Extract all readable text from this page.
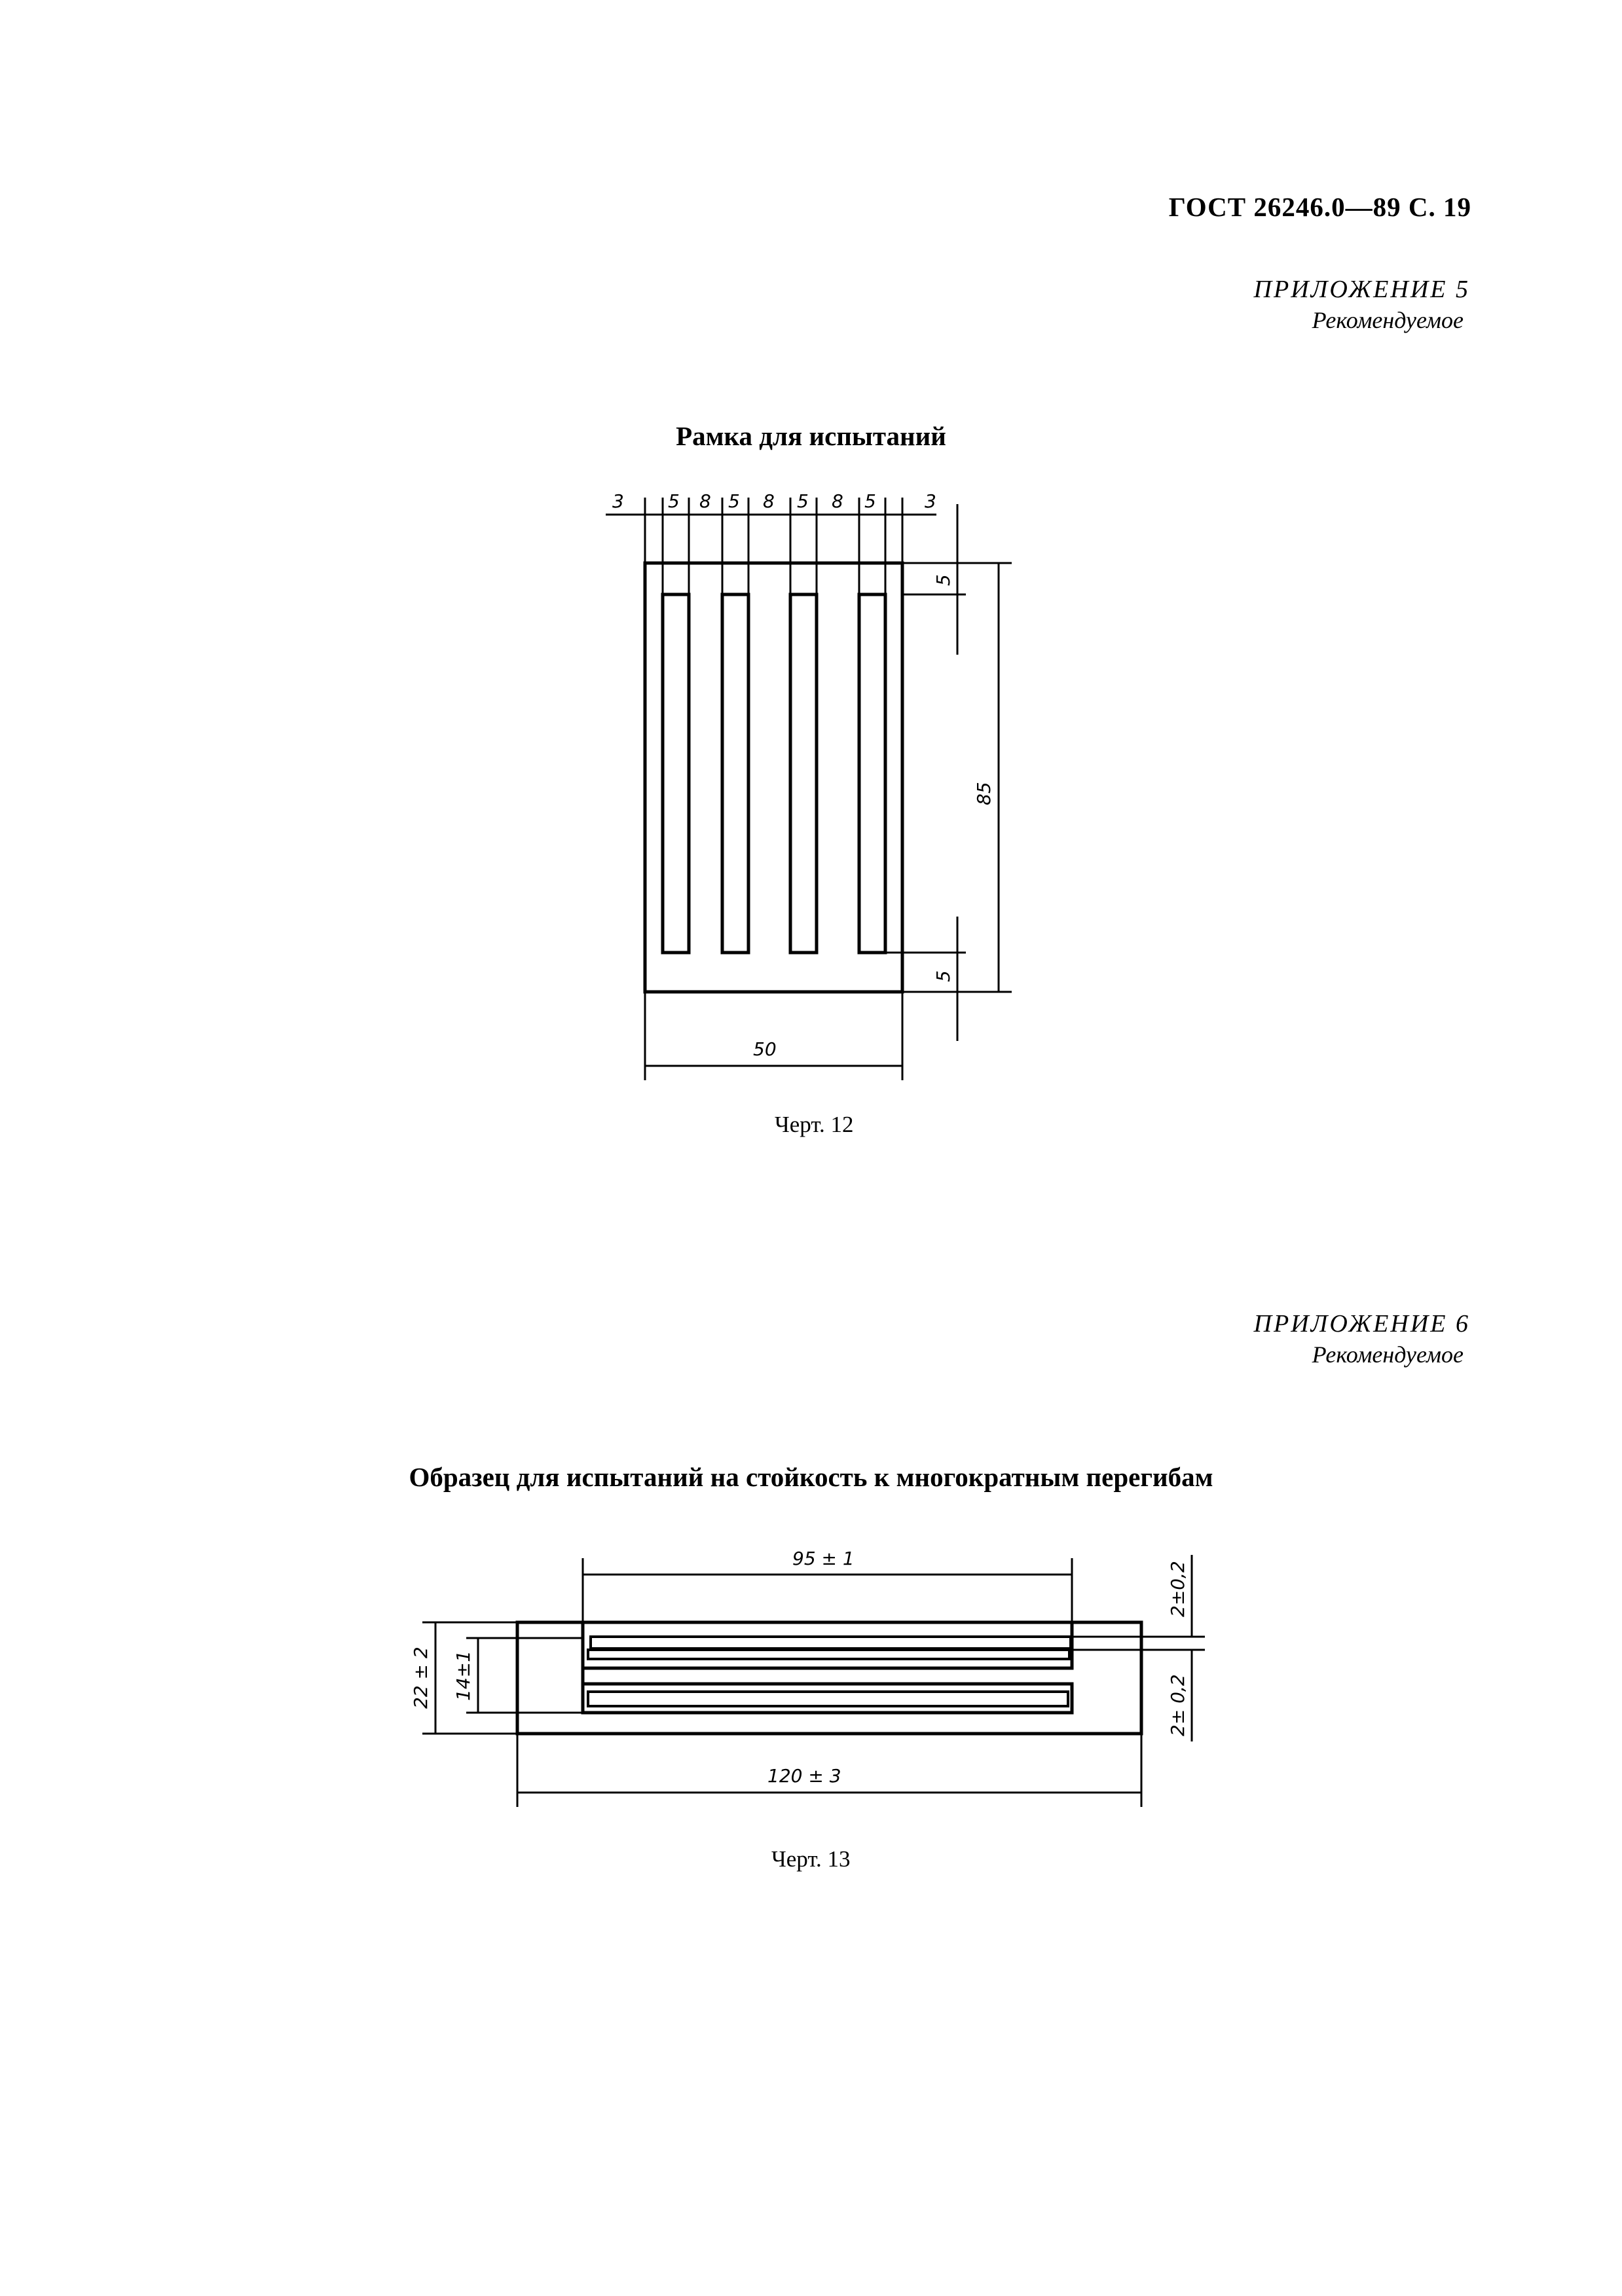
ГОСТ 26246.0—89 С. 19
ПРИЛОЖЕНИЕ 5
Рекомендуемое
Рамка для испытаний
3 5 8 5 8 5 8 5	3
5
85
5
50
Черт. 12
ПРИЛОЖЕНИЕ 6
Рекомендуемое
Образец для испытаний на стойкость к многократным перегибам
95 ± 1
120 ± 3
22 ± 2 14±1
2±0,2
2± 0,2
Черт. 13
